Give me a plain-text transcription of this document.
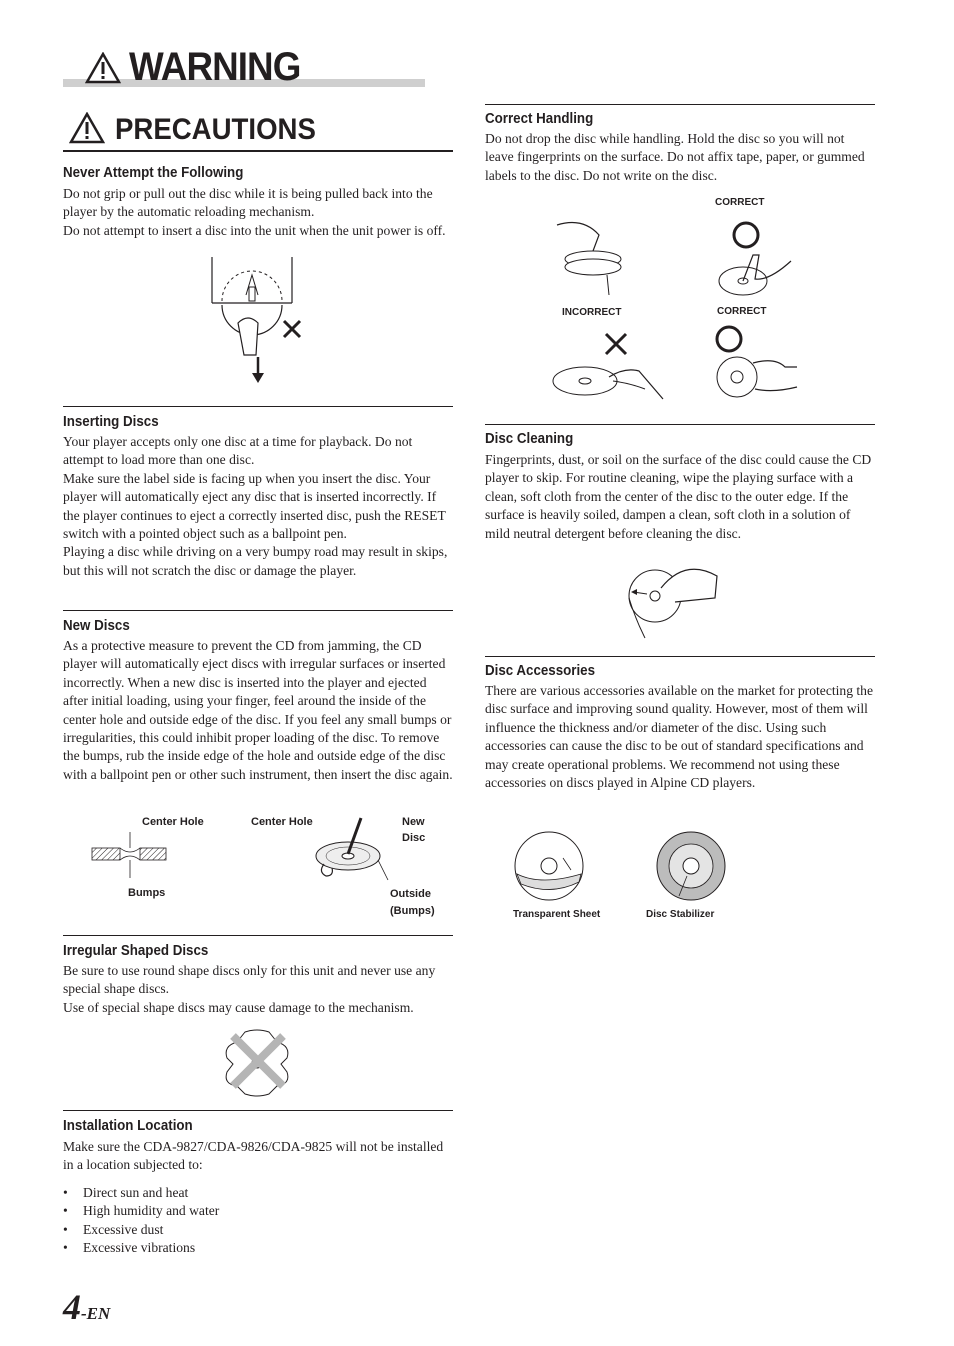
WARNING
PRECAUTIONS
Never Attempt the Following

Do not grip or pull out the disc while it is being pulled back into the player by the automatic reloading mechanism.

Do not attempt to insert a disc into the unit when the unit power is off.

Inserting Discs

Your player accepts only one disc at a time for playback. Do not attempt to load more than one disc.

Make sure the label side is facing up when you insert the disc. Your player will automatically eject any disc that is inserted incorrectly. If the player continues to eject a correctly inserted disc, push the RESET switch with a pointed object such as a ballpoint pen.

Playing a disc while driving on a very bumpy road may result in skips, but this will not scratch the disc or damage the player.

New Discs

As a protective measure to prevent the CD from jamming, the CD player will automatically eject discs with irregular surfaces or inserted incorrectly. When a new disc is inserted into the player and ejected after initial loading, using your finger, feel around the inside of the center hole and outside edge of the disc. If you feel any small bumps or irregularities, this could inhibit proper loading of the disc. To remove the bumps, rub the inside edge of the hole and outside edge of the disc with a ballpoint pen or other such instrument, then insert the disc again.

Center Hole
Bumps
Center Hole	New
Disc
Outside
(Bumps)
Irregular Shaped Discs

Be sure to use round shape discs only for this unit and never use any special shape discs.

Use of special shape discs may cause damage to the mechanism.

Installation Location

Make sure the CDA-9827/CDA-9826/CDA-9825 will not be installed in a location subjected to:

• Direct sun and heat
• High humidity and water
• Excessive dust
• Excessive vibrations
Correct Handling

Do not drop the disc while handling. Hold the disc so you will not leave fingerprints on the surface. Do not affix tape, paper, or gummed labels to the disc. Do not write on the disc.

CORRECT
INCORRECT	CORRECT
Disc Cleaning

Fingerprints, dust, or soil on the surface of the disc could cause the CD player to skip. For routine cleaning, wipe the playing surface with a clean, soft cloth from the center of the disc to the outer edge. If the surface is heavily soiled, dampen a clean, soft cloth in a solution of mild neutral detergent before cleaning the disc.

Disc Accessories

There are various accessories available on the market for protecting the disc surface and improving sound quality. However, most of them will influence the thickness and/or diameter of the disc. Using such accessories can cause the disc to be out of standard specifications and may create operational problems. We recommend not using these accessories on discs played in Alpine CD players.

Transparent Sheet	Disc Stabilizer
4-EN
